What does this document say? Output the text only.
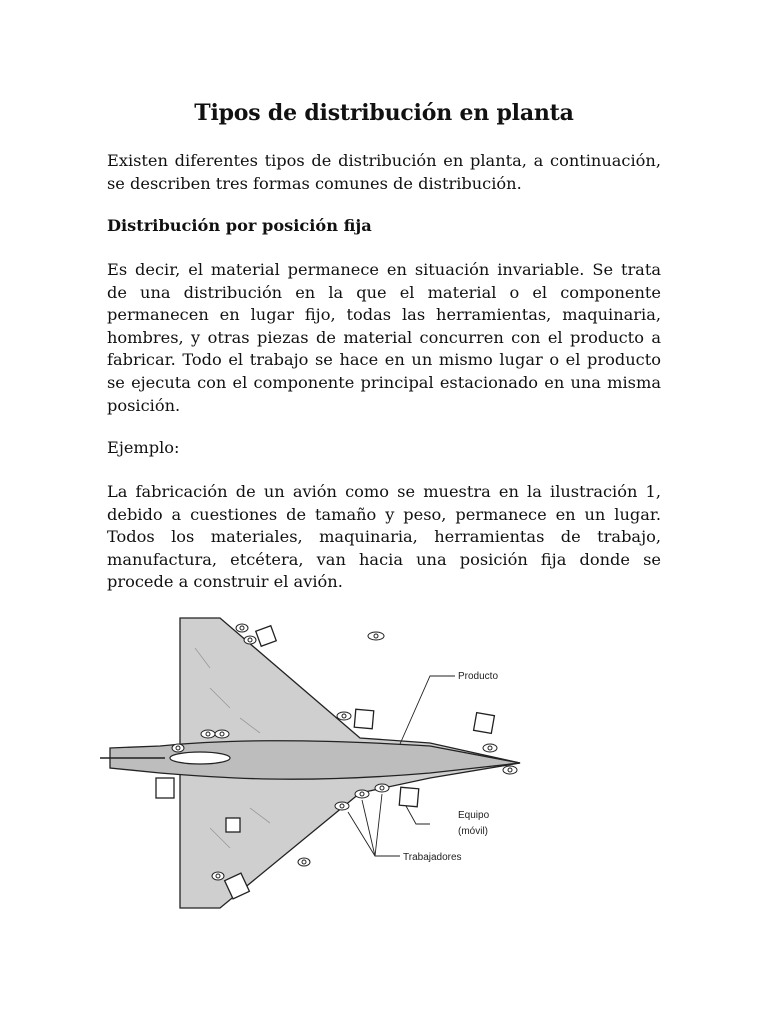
Tipos de distribución en planta

Existen diferentes tipos de distribución en planta, a continuación, se describen tres formas comunes de distribución.

Distribución por posición fija

Es decir, el material permanece en situación invariable. Se trata de una distribución en la que el material o el componente permanecen en lugar fijo, todas las herramientas, maquinaria, hombres, y otras piezas de material concurren con el producto a fabricar. Todo el trabajo se hace en un mismo lugar o el producto se ejecuta con el componente principal estacionado en una misma posición.

Ejemplo:

La fabricación de un avión como se muestra en la ilustración 1, debido a cuestiones de tamaño y peso, permanece en un lugar. Todos los materiales, maquinaria, herramientas de trabajo, manufactura, etcétera, van hacia una posición fija donde se procede a construir el avión.

Producto
Equipo
(móvil)
Trabajadores
